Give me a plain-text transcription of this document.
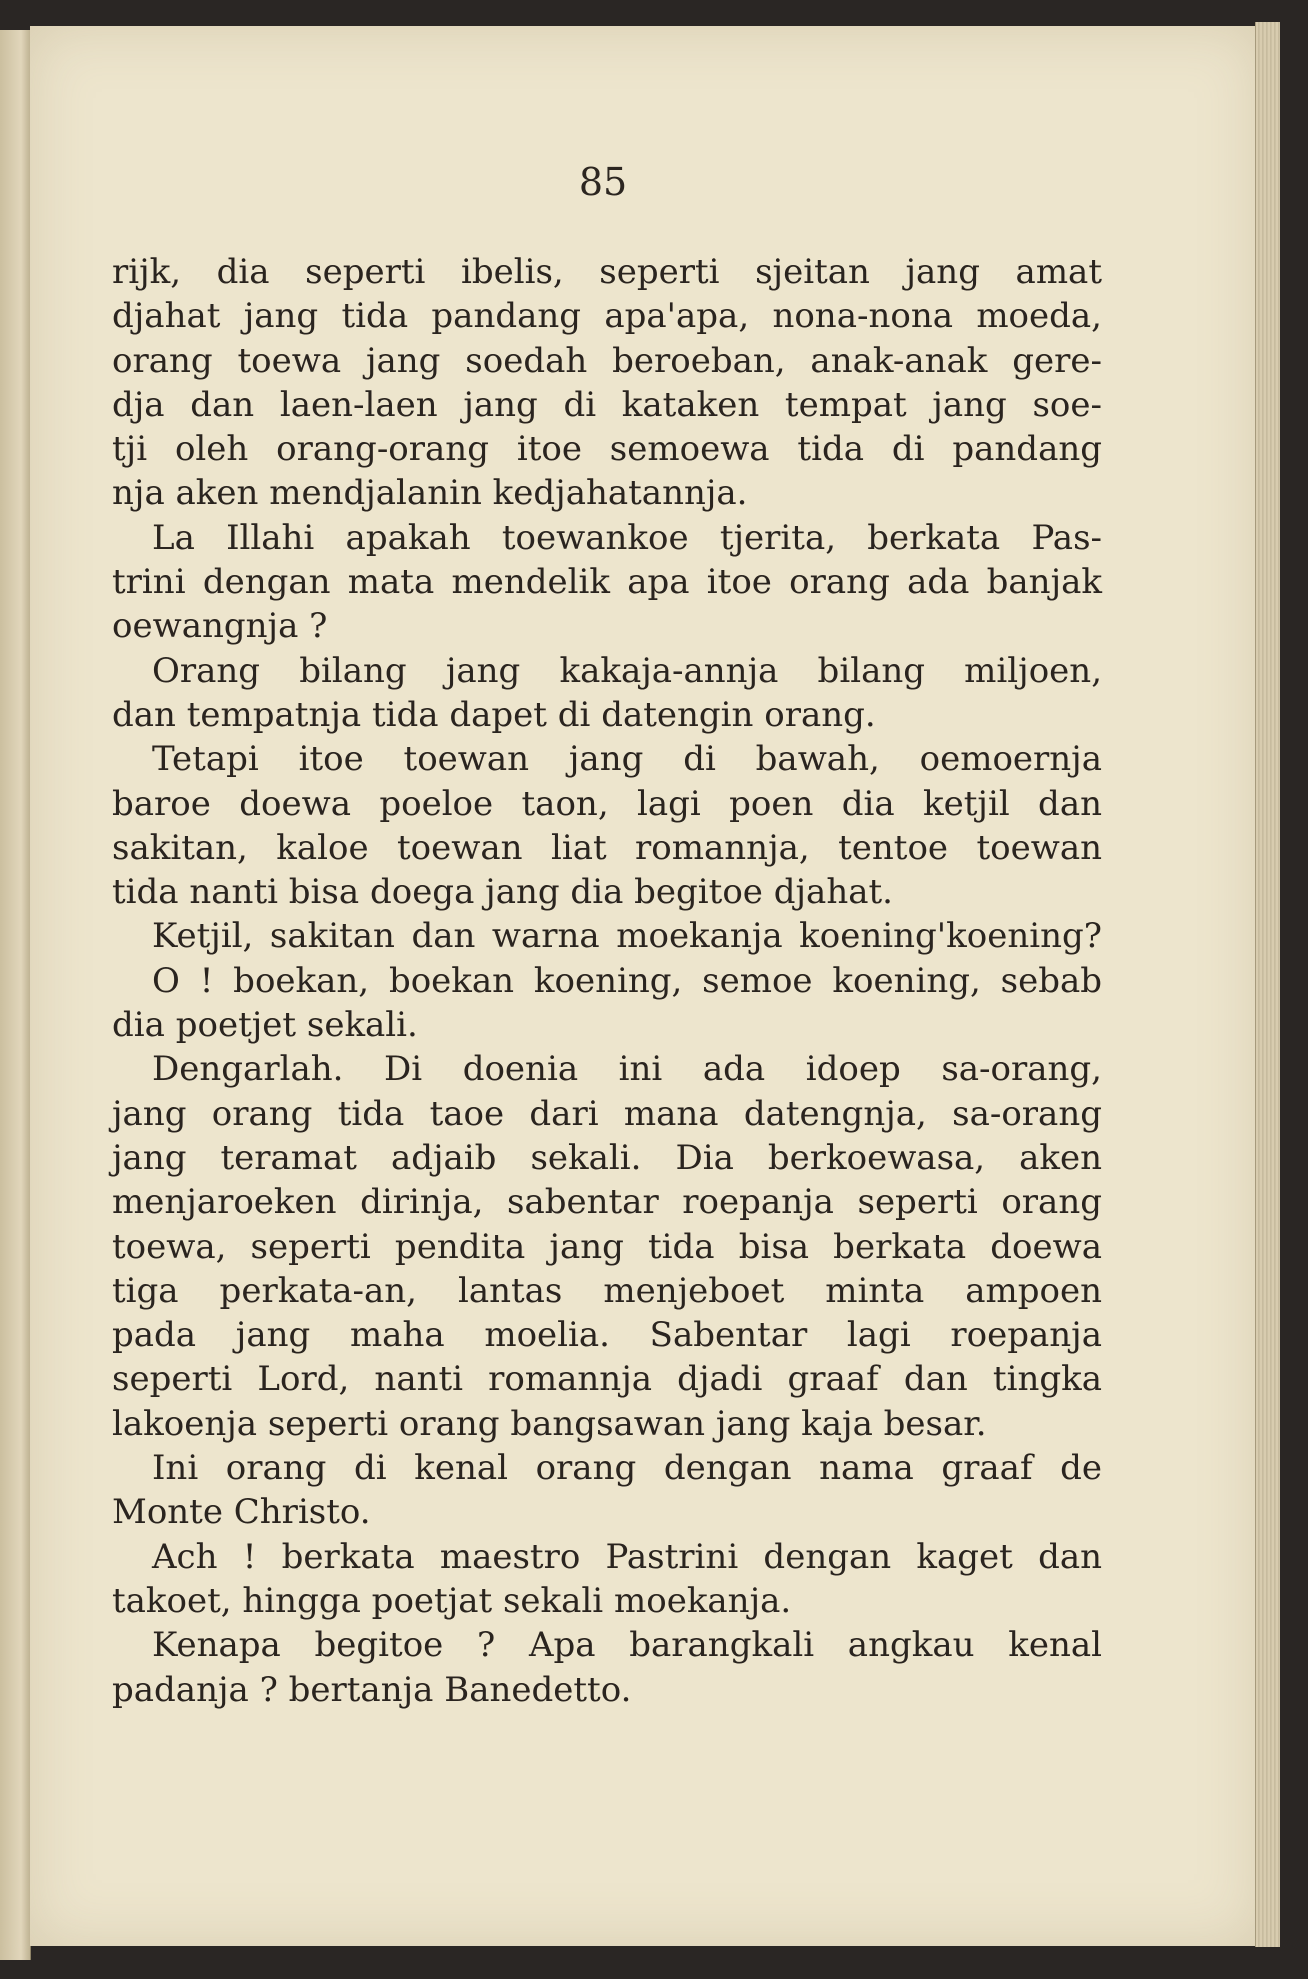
85
rijk, dia seperti ibelis, seperti sjeitan jang amat
djahat jang tida pandang apa'apa, nona-nona moeda,
orang toewa jang soedah beroeban, anak-anak gere-
dja dan laen-laen jang di kataken tempat jang soe-
tji oleh orang-orang itoe semoewa tida di pandang
nja aken mendjalanin kedjahatannja.
La Illahi apakah toewankoe tjerita, berkata Pas-
trini dengan mata mendelik apa itoe orang ada banjak
oewangnja ?
Orang bilang jang kakaja-annja bilang miljoen,
dan tempatnja tida dapet di datengin orang.
Tetapi itoe toewan jang di bawah, oemoernja
baroe doewa poeloe taon, lagi poen dia ketjil dan
sakitan, kaloe toewan liat romannja, tentoe toewan
tida nanti bisa doega jang dia begitoe djahat.
Ketjil, sakitan dan warna moekanja koening'koening?
O ! boekan, boekan koening, semoe koening, sebab
dia poetjet sekali.
Dengarlah. Di doenia ini ada idoep sa-orang,
jang orang tida taoe dari mana datengnja, sa-orang
jang teramat adjaib sekali. Dia berkoewasa, aken
menjaroeken dirinja, sabentar roepanja seperti orang
toewa, seperti pendita jang tida bisa berkata doewa
tiga perkata-an, lantas menjeboet minta ampoen
pada jang maha moelia. Sabentar lagi roepanja
seperti Lord, nanti romannja djadi graaf dan tingka
lakoenja seperti orang bangsawan jang kaja besar.
Ini orang di kenal orang dengan nama graaf de
Monte Christo.
Ach ! berkata maestro Pastrini dengan kaget dan
takoet, hingga poetjat sekali moekanja.
Kenapa begitoe ? Apa barangkali angkau kenal
padanja ? bertanja Banedetto.
